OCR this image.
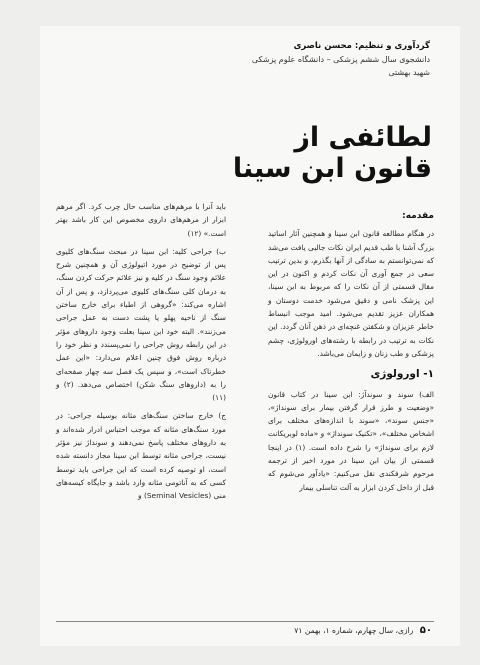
گردآوری و تنظیم: محسن ناصری
دانشجوی سال ششم پزشکی – دانشگاه علوم پزشکی
شهید بهشتی
لطائفی از
قانون ابن سینا
مقدمه:

در هنگام مطالعه قانون ابن سینا و همچنین آثار اساتید بزرگ آشنا با طب قدیم ایران نکات جالبی یافت می‌شد که نمی‌توانستم به سادگی از آنها بگذرم، و بدین ترتیب سعی در جمع آوری آن نکات کردم و اکنون در این مقال قسمتی از آن نکات را که مربوط به ابن سینا، این پزشک نامی و دقیق می‌شود خدمت دوستان و همکاران عزیز تقدیم می‌شود. امید موجب انبساط خاطر عزیزان و شکفتن غنچه‌ای در ذهن آنان گردد. این نکات به ترتیب در رابطه با رشته‌های اورولوژی، چشم پزشکی و طب زنان و زایمان می‌باشد.

۱- اورولوژی

الف) سوند و سوندآژ: ابن سینا در کتاب قانون «وضعیت و طرز قرار گرفتن بیمار برای سونداژ»، «جنس سوند»، «سوند با اندازه‌های مختلف برای اشخاص مختلف»، «تکنیک سونداژ» و «ماده لوبریکانت لازم برای سونداژ» را شرح داده است. (۱) در اینجا قسمتی از بیان ابن سینا در مورد اخیر از ترجمه مرحوم شرفکندی نقل می‌کنیم: «یادآور می‌شوم که قبل از داخل کردن ابزار به آلت تناسلی بیمار

باید آنرا با مرهم‌های مناسب حال چرب کرد. اگر مرهم ابزار از مرهم‌های داروی مخصوص این کار باشد بهتر است.» (۱۲)

ب) جراحی کلیه: ابن سینا در مبحث سنگ‌های کلیوی پس از توضیح در مورد اتیولوژی آن و همچنین شرح علائم وجود سنگ در کلیه و نیز علائم حرکت کردن سنگ، به درمان کلی سنگ‌های کلیوی می‌پردازد، و پس از آن اشاره می‌کند: «گروهی از اطباء برای خارج ساختن سنگ از ناحیه پهلو یا پشت دست به عمل جراحی می‌زنند». البته خود ابن سینا بعلت وجود داروهای مؤثر در این رابطه روش جراحی را نمی‌پسندد و نظر خود را درباره روش فوق چنین اعلام می‌دارد: «این عمل خطرناک است»، و سپس یک فصل سه چهار صفحه‌ای را به (داروهای سنگ شکن) اختصاص می‌دهد. (۲) و (۱۱)

ج) خارج ساختن سنگ‌های مثانه بوسیله جراحی: در مورد سنگ‌های مثانه که موجب احتباس ادرار شده‌اند و به داروهای مختلف پاسخ نمی‌دهند و سونداژ نیز مؤثر نیست، جراحی مثانه توسط ابن سینا مجاز دانسته شده است، او توصیه کرده است که این جراحی باید توسط کسی که به آناتومی مثانه وارد باشد و جایگاه کیسه‌های منی (Seminal Vesicles) و

۵۰ رازی، سال چهارم، شماره ۱، بهمن ۷۱
